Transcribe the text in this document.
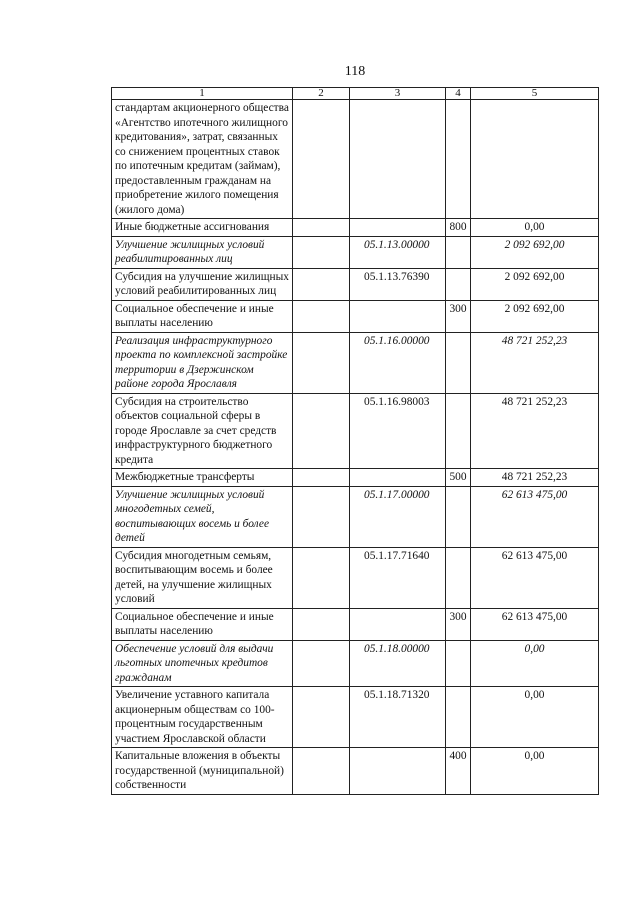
118
1	2	3	4	5
стандартам акционерного общества «Агентство ипотечного жилищного кредитования», затрат, связанных со снижением процентных ставок по ипотечным кредитам (займам), предоставленным гражданам на приобретение жилого помещения (жилого дома)				
Иные бюджетные ассигнования			800	0,00
Улучшение жилищных условий реабилитированных лиц		05.1.13.00000		2 092 692,00
Субсидия на улучшение жилищных условий реабилитированных лиц		05.1.13.76390		2 092 692,00
Социальное обеспечение и иные выплаты населению			300	2 092 692,00
Реализация инфраструктурного проекта по комплексной застройке территории в Дзержинском районе города Ярославля		05.1.16.00000		48 721 252,23
Субсидия на строительство объектов социальной сферы в городе Ярославле за счет средств инфраструктурного бюджетного кредита		05.1.16.98003		48 721 252,23
Межбюджетные трансферты			500	48 721 252,23
Улучшение жилищных условий многодетных семей, воспитывающих восемь и более детей		05.1.17.00000		62 613 475,00
Субсидия многодетным семьям, воспитывающим восемь и более детей, на улучшение жилищных условий		05.1.17.71640		62 613 475,00
Социальное обеспечение и иные выплаты населению			300	62 613 475,00
Обеспечение условий для выдачи льготных ипотечных кредитов гражданам		05.1.18.00000		0,00
Увеличение уставного капитала акционерным обществам со 100-процентным государственным участием Ярославской области		05.1.18.71320		0,00
Капитальные вложения в объекты государственной (муниципальной) собственности			400	0,00
